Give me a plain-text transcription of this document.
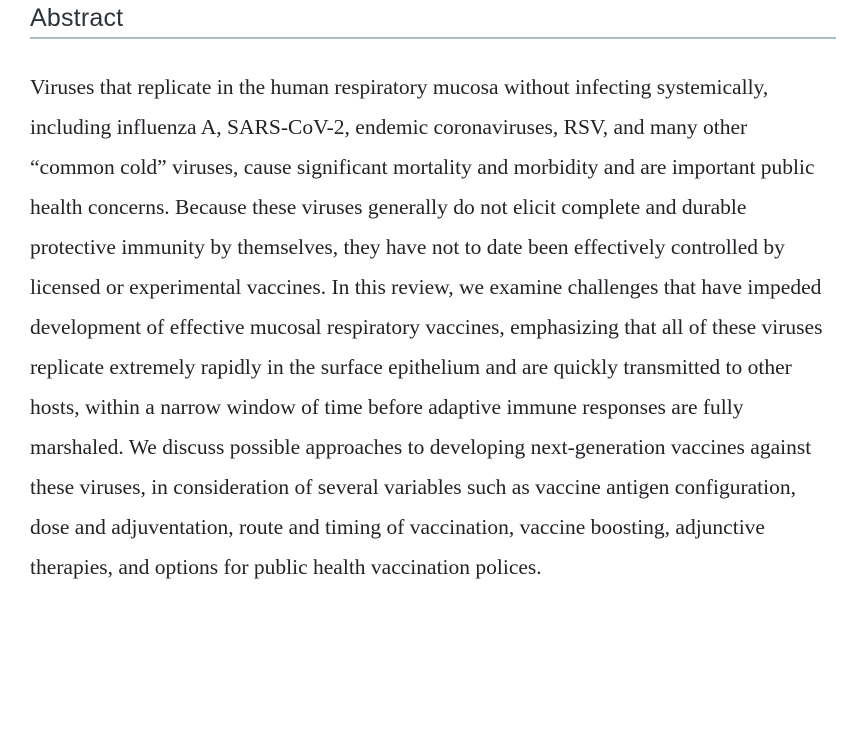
Abstract

Viruses that replicate in the human respiratory mucosa without infecting systemically, including influenza A, SARS-CoV-2, endemic coronaviruses, RSV, and many other “common cold” viruses, cause significant mortality and morbidity and are important public health concerns. Because these viruses generally do not elicit complete and durable protective immunity by themselves, they have not to date been effectively controlled by licensed or experimental vaccines. In this review, we examine challenges that have impeded development of effective mucosal respiratory vaccines, emphasizing that all of these viruses replicate extremely rapidly in the surface epithelium and are quickly transmitted to other hosts, within a narrow window of time before adaptive immune responses are fully marshaled. We discuss possible approaches to developing next-generation vaccines against these viruses, in consideration of several variables such as vaccine antigen configuration, dose and adjuventation, route and timing of vaccination, vaccine boosting, adjunctive therapies, and options for public health vaccination polices.
